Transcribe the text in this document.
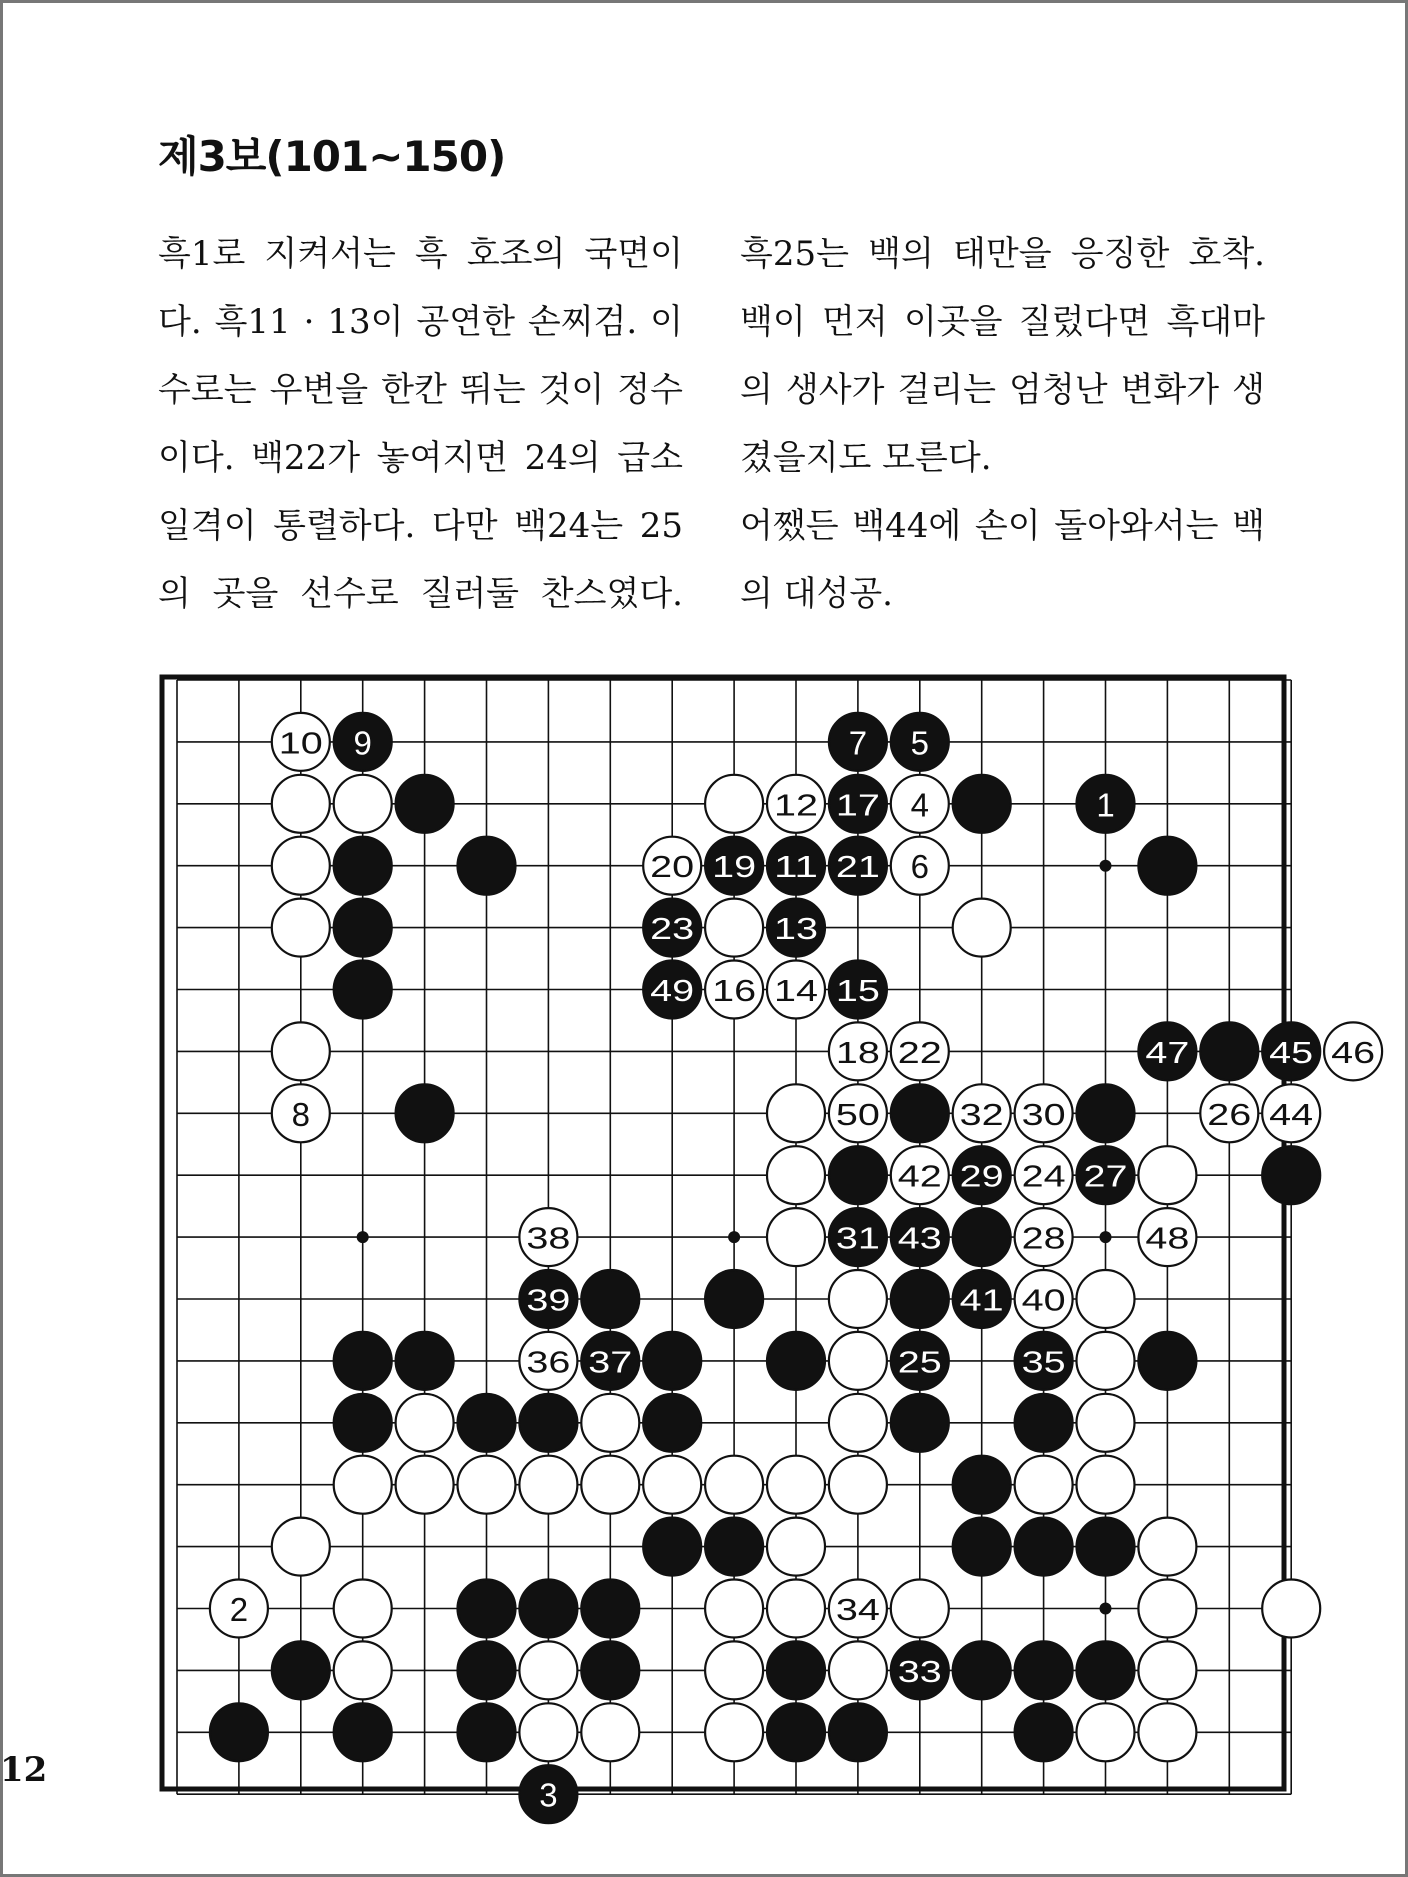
제3보(101~150)

흑1로 지켜서는 흑 호조의 국면이

다. 흑11 · 13이 공연한 손찌검. 이

수로는 우변을 한칸 뛰는 것이 정수

이다. 백22가 놓여지면 24의 급소

일격이 통렬하다. 다만 백24는 25

의 곳을 선수로 질러둘 찬스였다.

흑25는 백의 태만을 응징한 호착.

백이 먼저 이곳을 질렀다면 흑대마

의 생사가 걸리는 엄청난 변화가 생

겼을지도 모른다.

어쨌든 백44에 손이 돌아와서는 백

의 대성공.

10 9	7 5
12 17 4	1
20 19 11 21 6
23	13
49 16 14 15
18 22	47	45 46
8	50	32 30	26 44
42 29 24 27
38	31 43	28	48
39	41 40
36 37	25	35
2	34
33
3
12
